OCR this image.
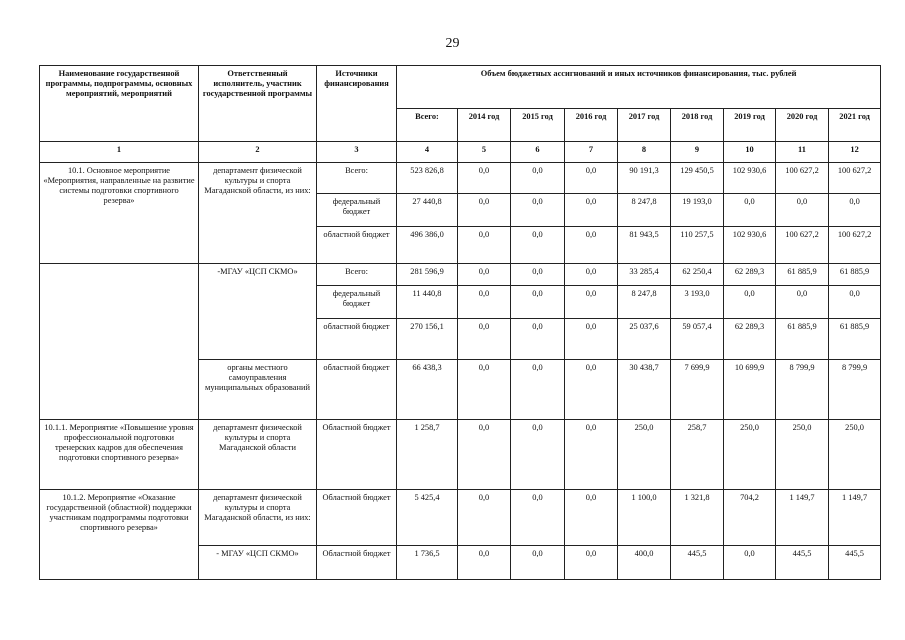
29
Наименование государственной программы, подпрограммы, основных мероприятий, мероприятий	Ответственный исполнитель, участник государственной программы	Источники финансирования	Объем бюджетных ассигнований и иных источников финансирования, тыс. рублей								
			Всего:	2014 год	2015 год	2016 год	2017 год	2018 год	2019 год	2020 год	2021 год
1	2	3	4	5	6	7	8	9	10	11	12
10.1. Основное мероприятие «Мероприятия, направленные на развитие системы подготовки спортивного резерва»	департамент физической культуры и спорта Магаданской области, из них:	Всего:	523 826,8	0,0	0,0	0,0	90 191,3	129 450,5	102 930,6	100 627,2	100 627,2
		федеральный бюджет	27 440,8	0,0	0,0	0,0	8 247,8	19 193,0	0,0	0,0	0,0
		областной бюджет	496 386,0	0,0	0,0	0,0	81 943,5	110 257,5	102 930,6	100 627,2	100 627,2
	-МГАУ «ЦСП СКМО»	Всего:	281 596,9	0,0	0,0	0,0	33 285,4	62 250,4	62 289,3	61 885,9	61 885,9
		федеральный бюджет	11 440,8	0,0	0,0	0,0	8 247,8	3 193,0	0,0	0,0	0,0
		областной бюджет	270 156,1	0,0	0,0	0,0	25 037,6	59 057,4	62 289,3	61 885,9	61 885,9
	органы местного самоуправления муниципальных образований	областной бюджет	66 438,3	0,0	0,0	0,0	30 438,7	7 699,9	10 699,9	8 799,9	8 799,9
10.1.1. Мероприятие «Повышение уровня профессиональной подготовки тренерских кадров для обеспечения подготовки спортивного резерва»	департамент физической культуры и спорта Магаданской области	Областной бюджет	1 258,7	0,0	0,0	0,0	250,0	258,7	250,0	250,0	250,0
10.1.2. Мероприятие «Оказание государственной (областной) поддержки участникам подпрограммы подготовки спортивного резерва»	департамент физической культуры и спорта Магаданской области, из них:	Областной бюджет	5 425,4	0,0	0,0	0,0	1 100,0	1 321,8	704,2	1 149,7	1 149,7
	- МГАУ «ЦСП СКМО»	Областной бюджет	1 736,5	0,0	0,0	0,0	400,0	445,5	0,0	445,5	445,5
